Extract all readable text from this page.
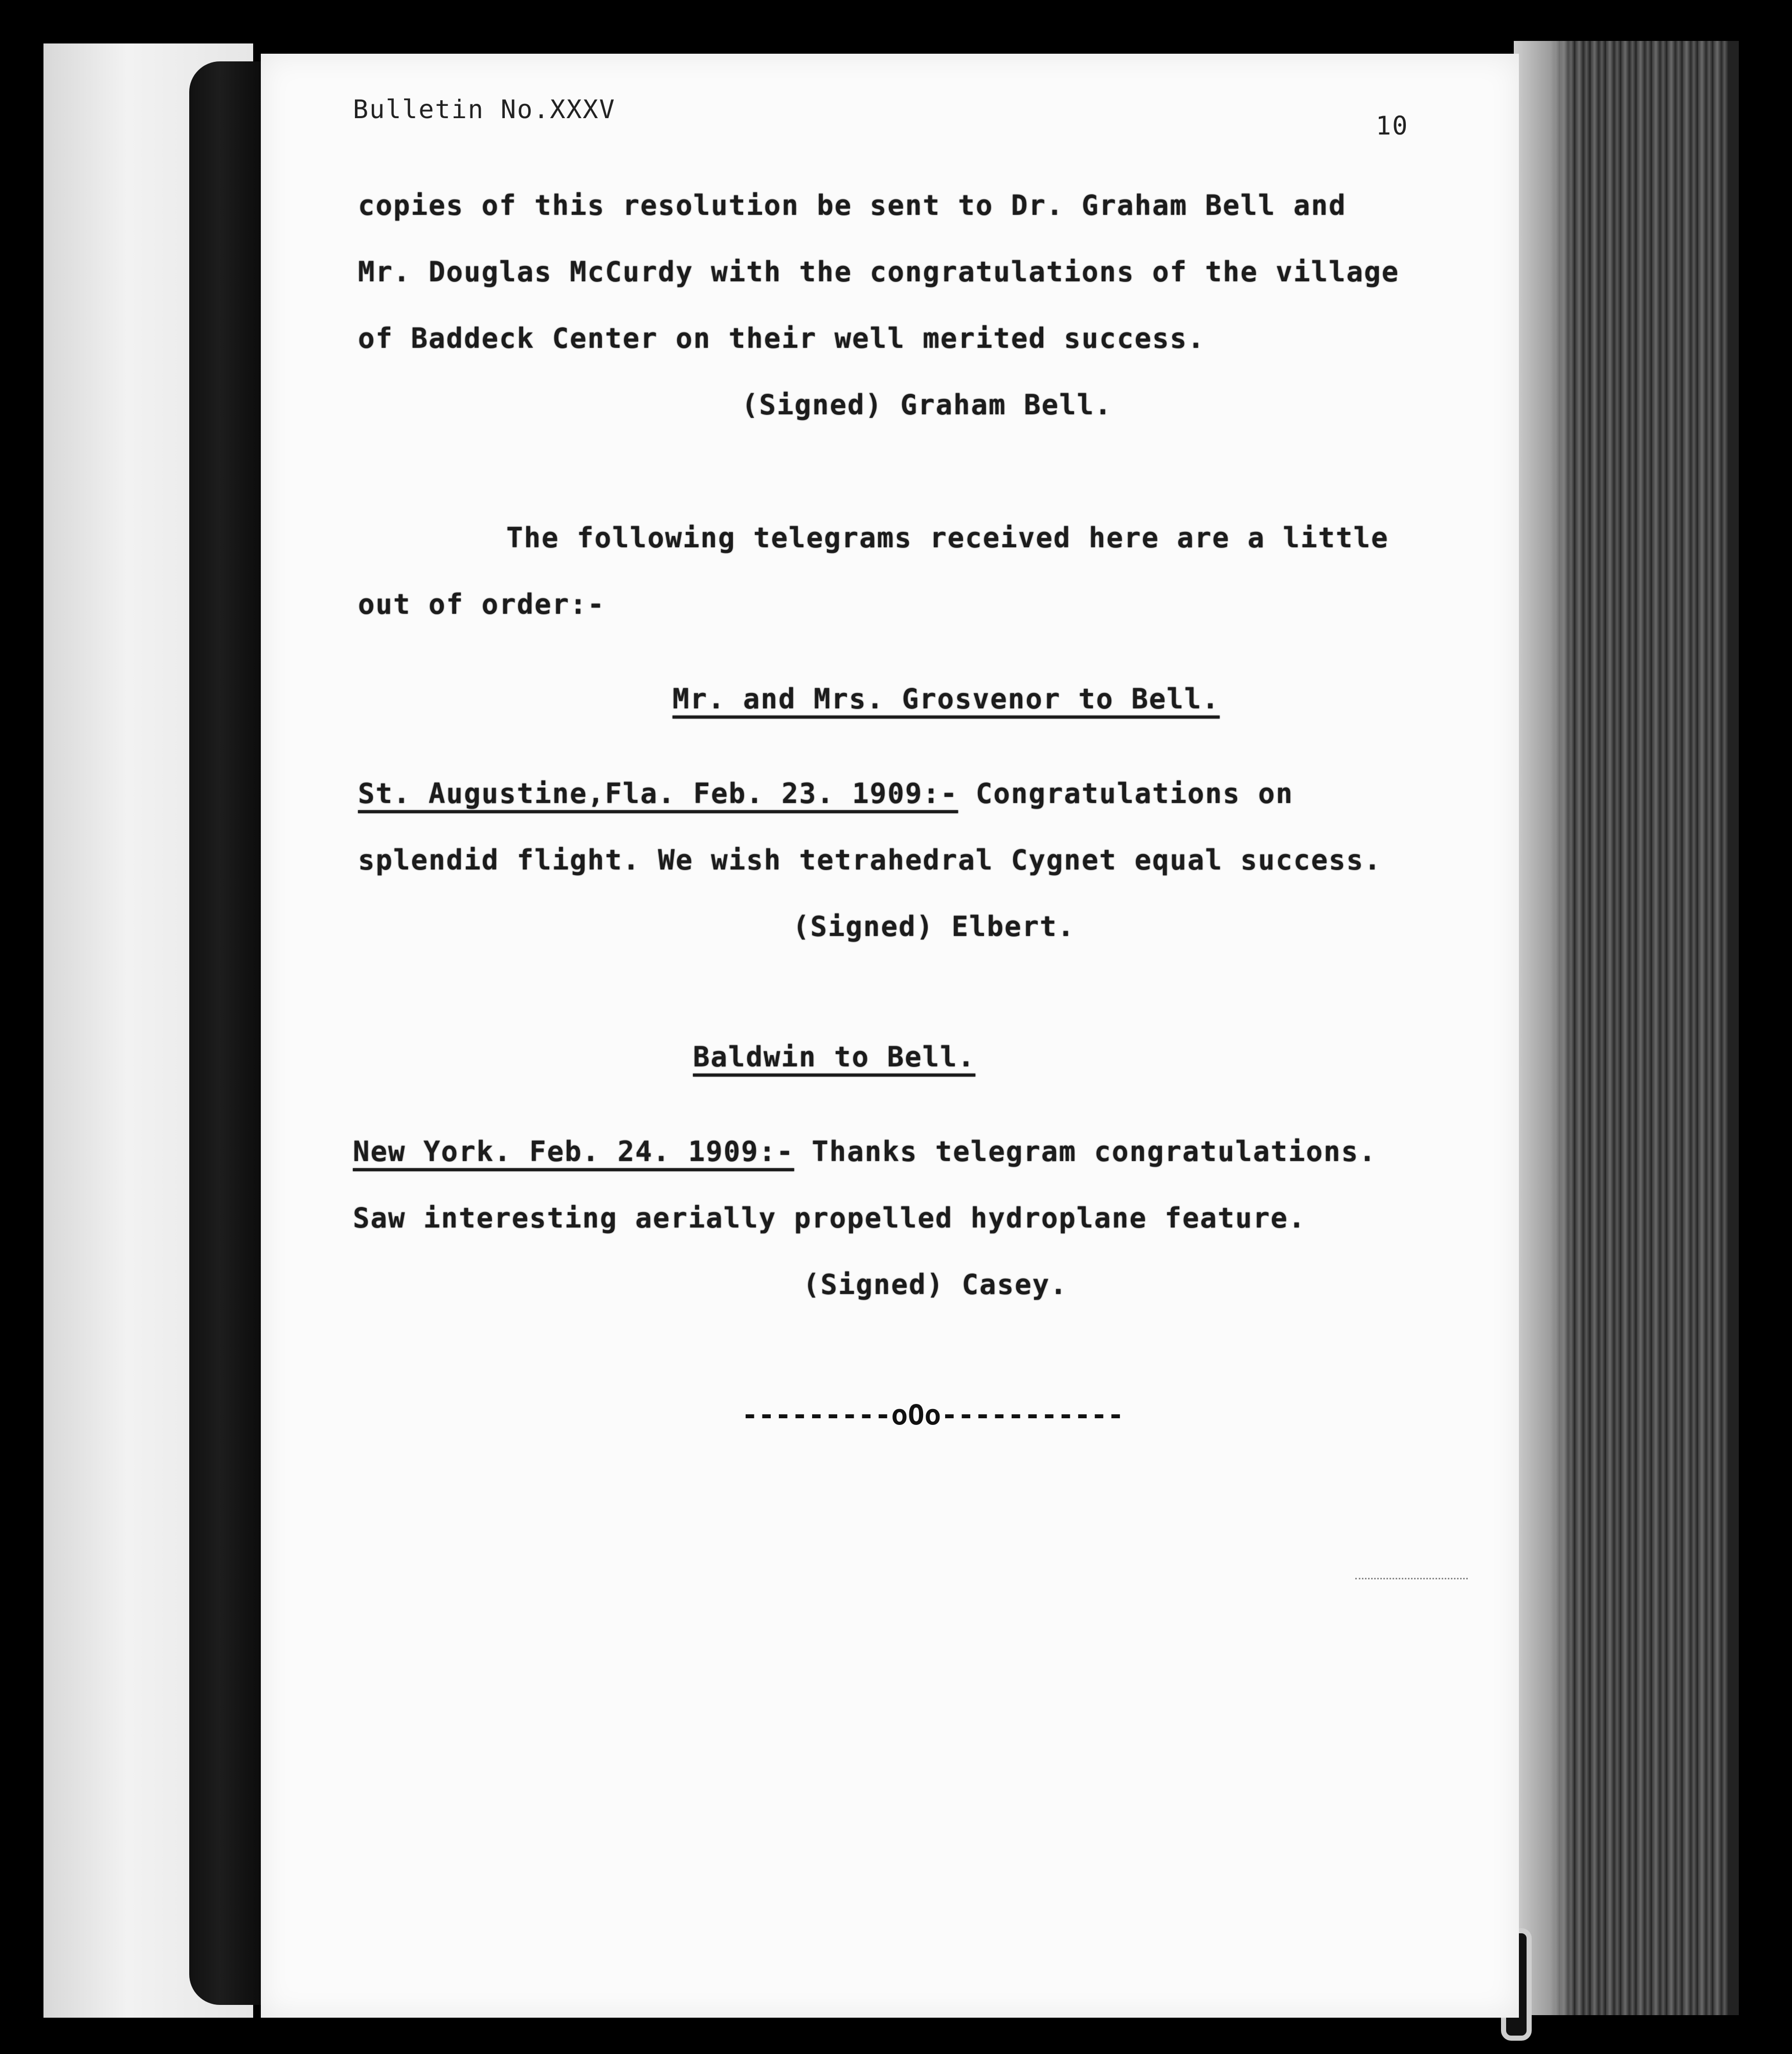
Bulletin No.XXXV
10
copies of this resolution be sent to Dr. Graham Bell and
Mr. Douglas McCurdy with the congratulations of the village
of Baddeck Center on their well merited success.
(Signed) Graham Bell.
The following telegrams received here are a little
out of order:-
Mr. and Mrs. Grosvenor to Bell.
St. Augustine,Fla. Feb. 23. 1909:- Congratulations on
splendid flight. We wish tetrahedral Cygnet equal success.
(Signed) Elbert.
Baldwin to Bell.
New York. Feb. 24. 1909:- Thanks telegram congratulations.
Saw interesting aerially propelled hydroplane feature.
(Signed) Casey.
---------oOo-----------
